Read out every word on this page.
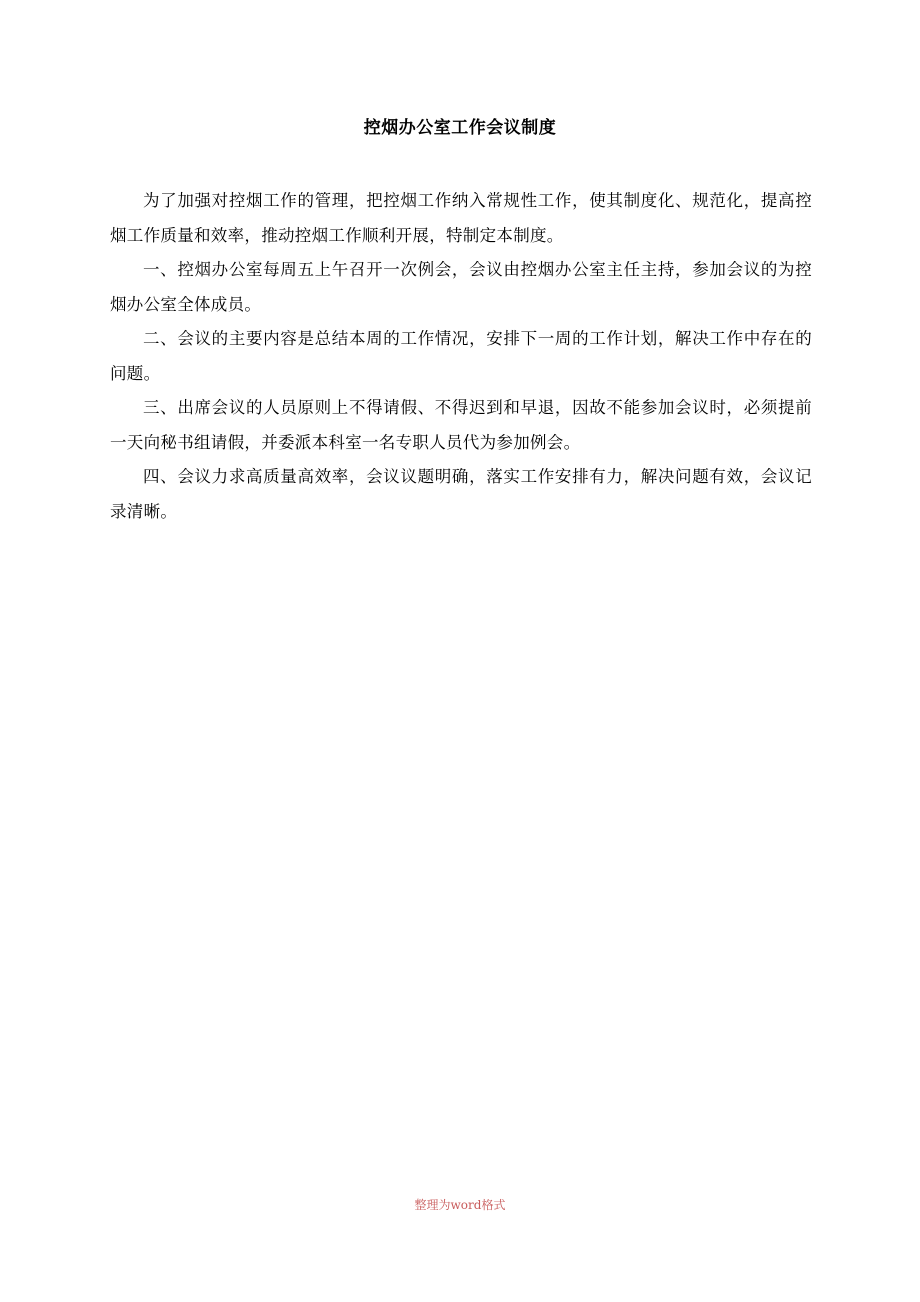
控烟办公室工作会议制度

为了加强对控烟工作的管理，把控烟工作纳入常规性工作，使其制度化、规范化，提高控烟工作质量和效率，推动控烟工作顺利开展，特制定本制度。

一、控烟办公室每周五上午召开一次例会，会议由控烟办公室主任主持，参加会议的为控烟办公室全体成员。

二、会议的主要内容是总结本周的工作情况，安排下一周的工作计划，解决工作中存在的问题。

三、出席会议的人员原则上不得请假、不得迟到和早退，因故不能参加会议时，必须提前一天向秘书组请假，并委派本科室一名专职人员代为参加例会。

四、会议力求高质量高效率，会议议题明确，落实工作安排有力，解决问题有效，会议记录清晰。

整理为word格式
